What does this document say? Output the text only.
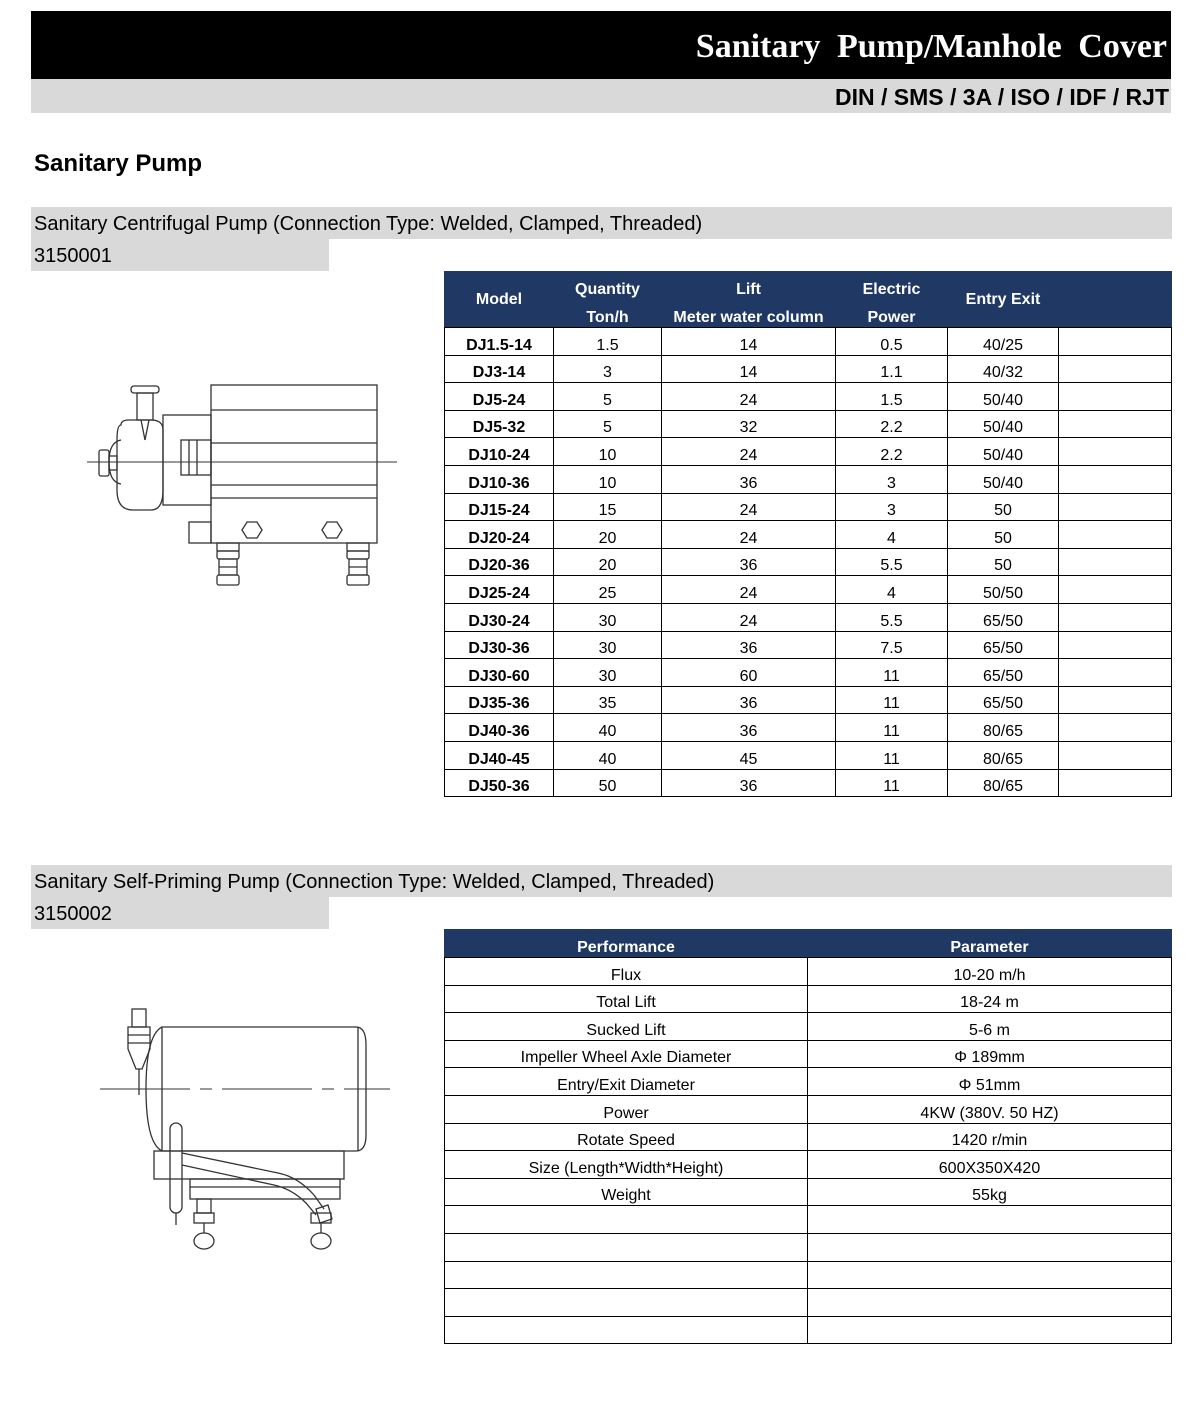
Sanitary Pump/Manhole Cover
DIN / SMS / 3A / ISO / IDF / RJT
Sanitary Pump
Sanitary Centrifugal Pump (Connection Type: Welded, Clamped, Threaded)
3150001
Model	Quantity	Lift	Electric	Entry Exit	
	Ton/h	Meter water column	Power		
DJ1.5-14	1.5	14	0.5	40/25	
DJ3-14	3	14	1.1	40/32	
DJ5-24	5	24	1.5	50/40	
DJ5-32	5	32	2.2	50/40	
DJ10-24	10	24	2.2	50/40	
DJ10-36	10	36	3	50/40	
DJ15-24	15	24	3	50	
DJ20-24	20	24	4	50	
DJ20-36	20	36	5.5	50	
DJ25-24	25	24	4	50/50	
DJ30-24	30	24	5.5	65/50	
DJ30-36	30	36	7.5	65/50	
DJ30-60	30	60	11	65/50	
DJ35-36	35	36	11	65/50	
DJ40-36	40	36	11	80/65	
DJ40-45	40	45	11	80/65	
DJ50-36	50	36	11	80/65	
Sanitary Self-Priming Pump (Connection Type: Welded, Clamped, Threaded)
3150002
Performance	Parameter
Flux	10-20 m/h
Total Lift	18-24 m
Sucked Lift	5-6 m
Impeller Wheel Axle Diameter	Φ 189mm
Entry/Exit Diameter	Φ 51mm
Power	4KW (380V. 50 HZ)
Rotate Speed	1420 r/min
Size (Length*Width*Height)	600X350X420
Weight	55kg
